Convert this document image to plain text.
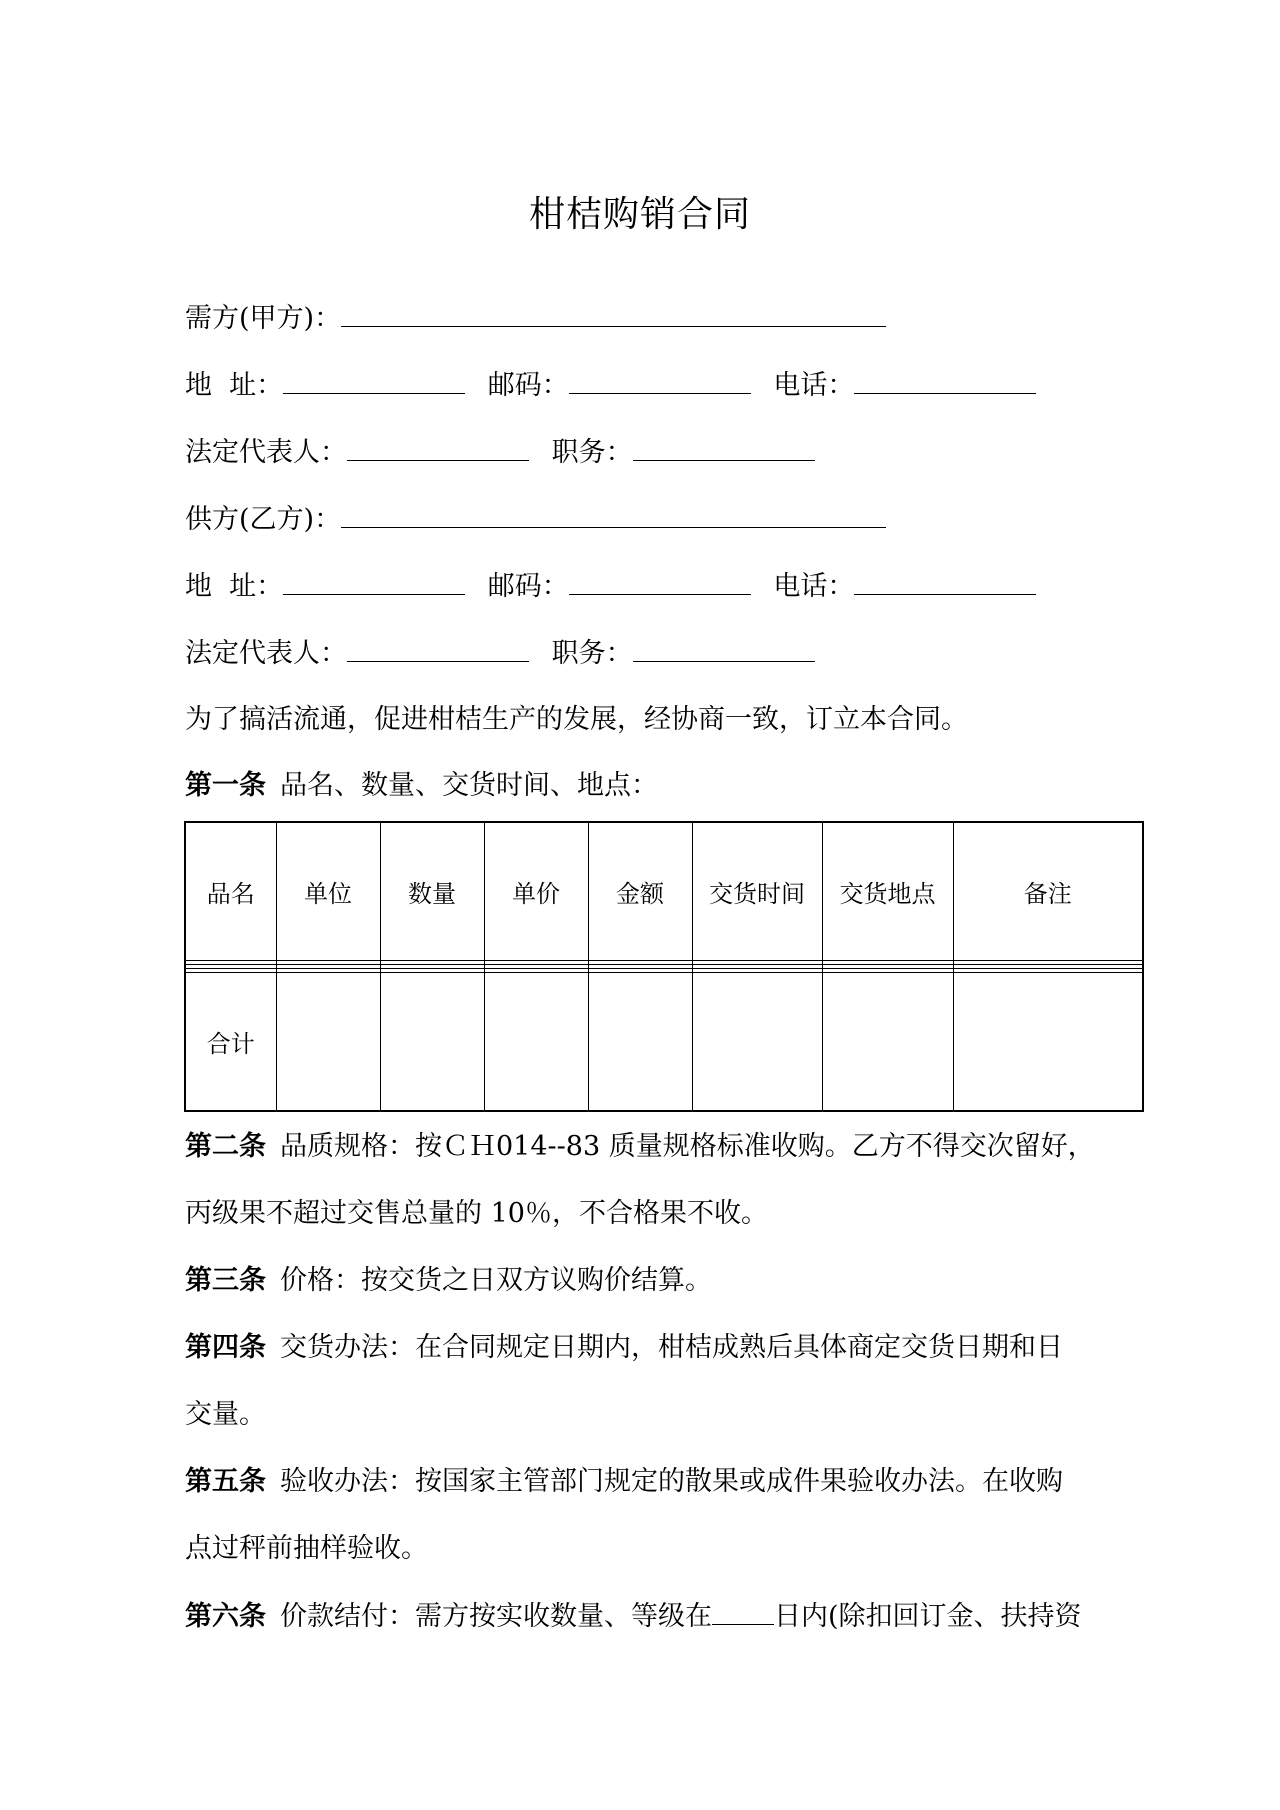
柑桔购销合同
需方(甲方)：
地  址：	邮码：	电话：
法定代表人：	职务：
供方(乙方)：
地  址：	邮码：	电话：
法定代表人：	职务：
为了搞活流通，促进柑桔生产的发展，经协商一致，订立本合同。
第一条 品名、数量、交货时间、地点：
品名	单位	数量	单价	金额	交货时间	交货地点	备注

合计							
第二条 品质规格：按ＣＨ014--83 质量规格标准收购。乙方不得交次留好，
丙级果不超过交售总量的 10％，不合格果不收。
第三条 价格：按交货之日双方议购价结算。
第四条 交货办法：在合同规定日期内，柑桔成熟后具体商定交货日期和日
交量。
第五条 验收办法：按国家主管部门规定的散果或成件果验收办法。在收购
点过秤前抽样验收。
第六条 价款结付：需方按实收数量、等级在 日内(除扣回订金、扶持资
